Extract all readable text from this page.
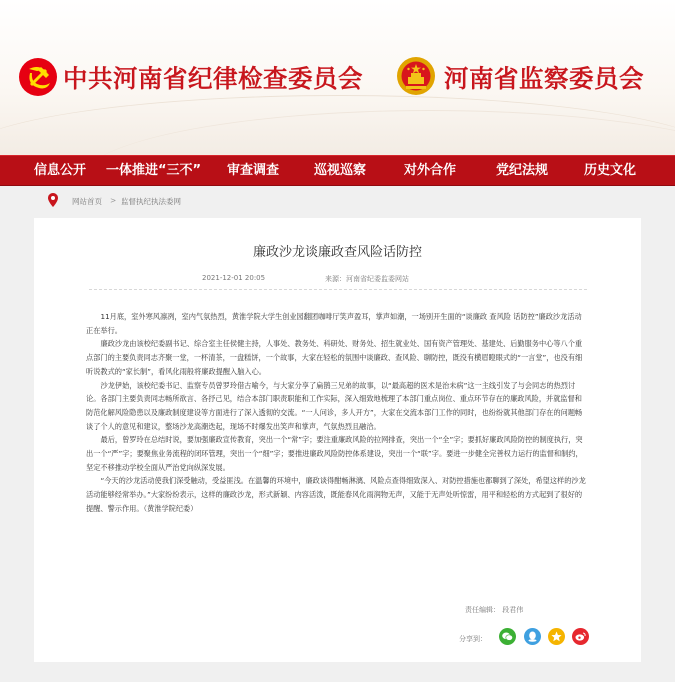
中共河南省纪律检查委员会	河南省监察委员会
信息公开 一体推进“三不” 审查调查	巡视巡察	对外合作	党纪法规	历史文化
网站首页 > 监督执纪执法委网
廉政沙龙谈廉政查风险话防控
2021-12-01 20:05	来源：河南省纪委监委网站

11月底，室外寒风凛冽，室内气氛热烈，黄淮学院大学生创业园翻团咖啡厅笑声盈耳，掌声如潮，一场别开生面的“谈廉政 查风险 话防控”廉政沙龙活动正在举行。

廉政沙龙由该校纪委副书记、综合室主任侯健主持，人事处、教务处、科研处、财务处、招生就业处、国有资产管理处、基建处、后勤服务中心等八个重点部门的主要负责同志齐聚一堂，一杯清茶，一盘糕饼，一个故事，大家在轻松的氛围中谈廉政、查风险、聊防控，既没有横眉瞪眼式的“一言堂”，也没有细听说教式的“家长制”，看风化雨般将廉政提醒入脑入心。

沙龙伊始，该校纪委书记、监察专员曾罗玲借古喻今，与大家分享了扁鹊三兄弟的故事，以“最高超的医术是治未病”这一主线引发了与会同志的热烈讨论。各部门主要负责同志畅所欲言、各抒己见，结合本部门职责职能和工作实际，深入细致地梳理了本部门重点岗位、重点环节存在的廉政风险，并就监督和防范化解风险隐患以及廉政制度建设等方面进行了深入透彻的交流。“一人问诊，多人开方”，大家在交流本部门工作的同时，也纷纷就其他部门存在的问题畅谈了个人的意见和建议，整场沙龙高潮迭起，现场不时爆发出笑声和掌声，气氛热烈且融洽。

最后，曾罗玲在总结时说，要加强廉政宣传教育，突出一个“常”字；要注重廉政风险的拉网排查，突出一个“全”字；要抓好廉政风险防控的制度执行，突出一个“严”字；要聚焦业务流程的闭环管理，突出一个“细”字；要推进廉政风险防控体系建设，突出一个“联”字。要进一步健全完善权力运行的监督和制约，坚定不移推动学校全面从严治党向纵深发展。

“今天的沙龙活动使我们深受触动，受益匪浅。在温馨的环境中，廉政谈得酣畅淋漓、风险点查得细致深入、对防控措施也都聊到了深处，希望这样的沙龙活动能够经常举办。”大家纷纷表示，这样的廉政沙龙，形式新颖、内容活泼，既能春风化雨润物无声，又能于无声处听惊雷，用平和轻松的方式起到了很好的提醒、警示作用。（黄淮学院纪委）

责任编辑： 段君伟
分享到：
